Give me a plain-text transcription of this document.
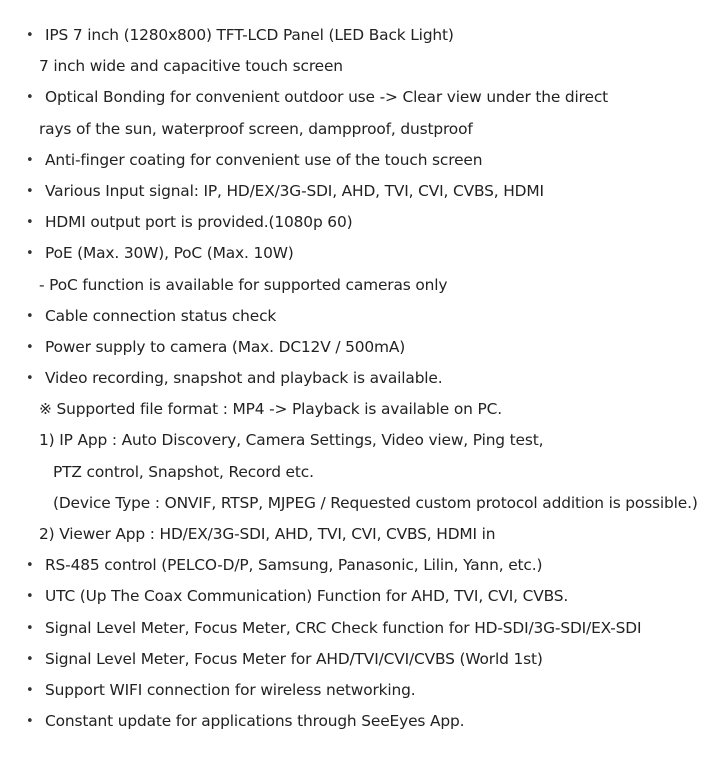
• IPS 7 inch (1280x800) TFT-LCD Panel (LED Back Light)
7 inch wide and capacitive touch screen
• Optical Bonding for convenient outdoor use -> Clear view under the direct
rays of the sun, waterproof screen, dampproof, dustproof
• Anti-finger coating for convenient use of the touch screen
• Various Input signal: IP, HD/EX/3G-SDI, AHD, TVI, CVI, CVBS, HDMI
• HDMI output port is provided.(1080p 60)
• PoE (Max. 30W), PoC (Max. 10W)
- PoC function is available for supported cameras only
• Cable connection status check
• Power supply to camera (Max. DC12V / 500mA)
• Video recording, snapshot and playback is available.
※ Supported file format : MP4 -> Playback is available on PC.
1) IP App : Auto Discovery, Camera Settings, Video view, Ping test,
PTZ control, Snapshot, Record etc.
(Device Type : ONVIF, RTSP, MJPEG / Requested custom protocol addition is possible.)
2) Viewer App : HD/EX/3G-SDI, AHD, TVI, CVI, CVBS, HDMI in
• RS-485 control (PELCO-D/P, Samsung, Panasonic, Lilin, Yann, etc.)
• UTC (Up The Coax Communication) Function for AHD, TVI, CVI, CVBS.
• Signal Level Meter, Focus Meter, CRC Check function for HD-SDI/3G-SDI/EX-SDI
• Signal Level Meter, Focus Meter for AHD/TVI/CVI/CVBS (World 1st)
• Support WIFI connection for wireless networking.
• Constant update for applications through SeeEyes App.
